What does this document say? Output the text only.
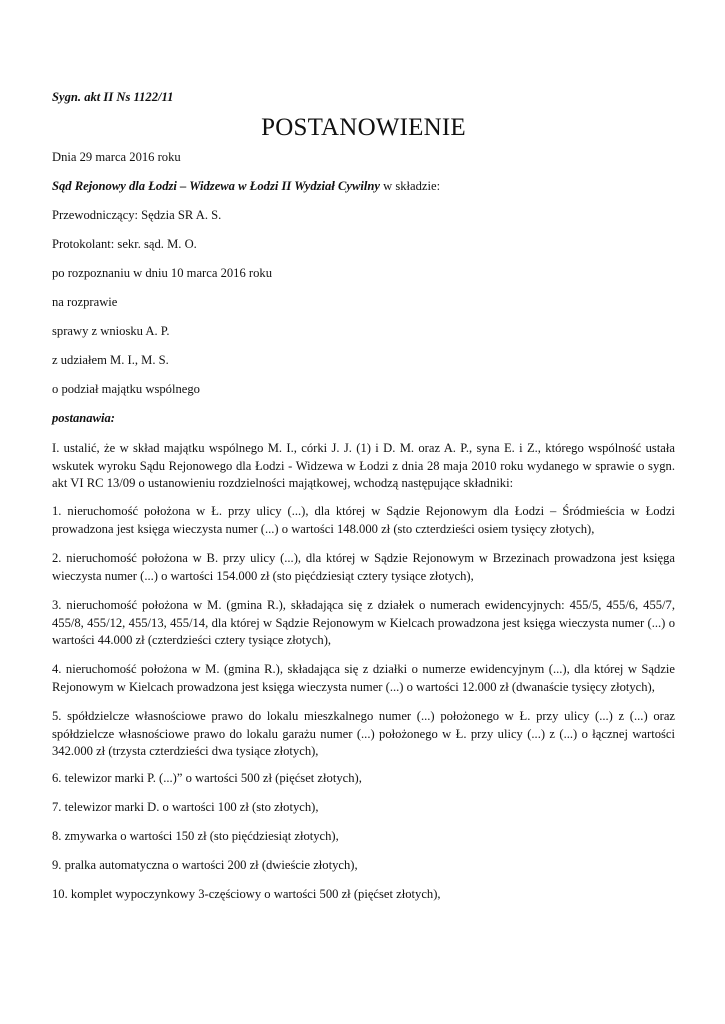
Sygn. akt II Ns 1122/11

POSTANOWIENIE

Dnia 29 marca 2016 roku

Sąd Rejonowy dla Łodzi – Widzewa w Łodzi II Wydział Cywilny w składzie:

Przewodniczący: Sędzia SR A. S.

Protokolant: sekr. sąd. M. O.

po rozpoznaniu w dniu 10 marca 2016 roku

na rozprawie

sprawy z wniosku A. P.

z udziałem M. I., M. S.

o podział majątku wspólnego

postanawia:

I. ustalić, że w skład majątku wspólnego M. I., córki J. J. (1) i D. M. oraz A. P., syna E. i Z., którego wspólność ustała wskutek wyroku Sądu Rejonowego dla Łodzi - Widzewa w Łodzi z dnia 28 maja 2010 roku wydanego w sprawie o sygn. akt VI RC 13/09 o ustanowieniu rozdzielności majątkowej, wchodzą następujące składniki:

1. nieruchomość położona w Ł. przy ulicy (...), dla której w Sądzie Rejonowym dla Łodzi – Śródmieścia w Łodzi prowadzona jest księga wieczysta numer (...) o wartości 148.000 zł (sto czterdzieści osiem tysięcy złotych),

2. nieruchomość położona w B. przy ulicy (...), dla której w Sądzie Rejonowym w Brzezinach prowadzona jest księga wieczysta numer (...) o wartości 154.000 zł (sto pięćdziesiąt cztery tysiące złotych),

3. nieruchomość położona w M. (gmina R.), składająca się z działek o numerach ewidencyjnych: 455/5, 455/6, 455/7, 455/8, 455/12, 455/13, 455/14, dla której w Sądzie Rejonowym w Kielcach prowadzona jest księga wieczysta numer (...) o wartości 44.000 zł (czterdzieści cztery tysiące złotych),

4. nieruchomość położona w M. (gmina R.), składająca się z działki o numerze ewidencyjnym (...), dla której w Sądzie Rejonowym w Kielcach prowadzona jest księga wieczysta numer (...) o wartości 12.000 zł (dwanaście tysięcy złotych),

5. spółdzielcze własnościowe prawo do lokalu mieszkalnego numer (...) położonego w Ł. przy ulicy (...) z (...) oraz spółdzielcze własnościowe prawo do lokalu garażu numer (...) położonego w Ł. przy ulicy (...) z (...) o łącznej wartości 342.000 zł (trzysta czterdzieści dwa tysiące złotych),

6. telewizor marki P. (...)” o wartości 500 zł (pięćset złotych),

7. telewizor marki D. o wartości 100 zł (sto złotych),

8. zmywarka o wartości 150 zł (sto pięćdziesiąt złotych),

9. pralka automatyczna o wartości 200 zł (dwieście złotych),

10. komplet wypoczynkowy 3-częściowy o wartości 500 zł (pięćset złotych),
